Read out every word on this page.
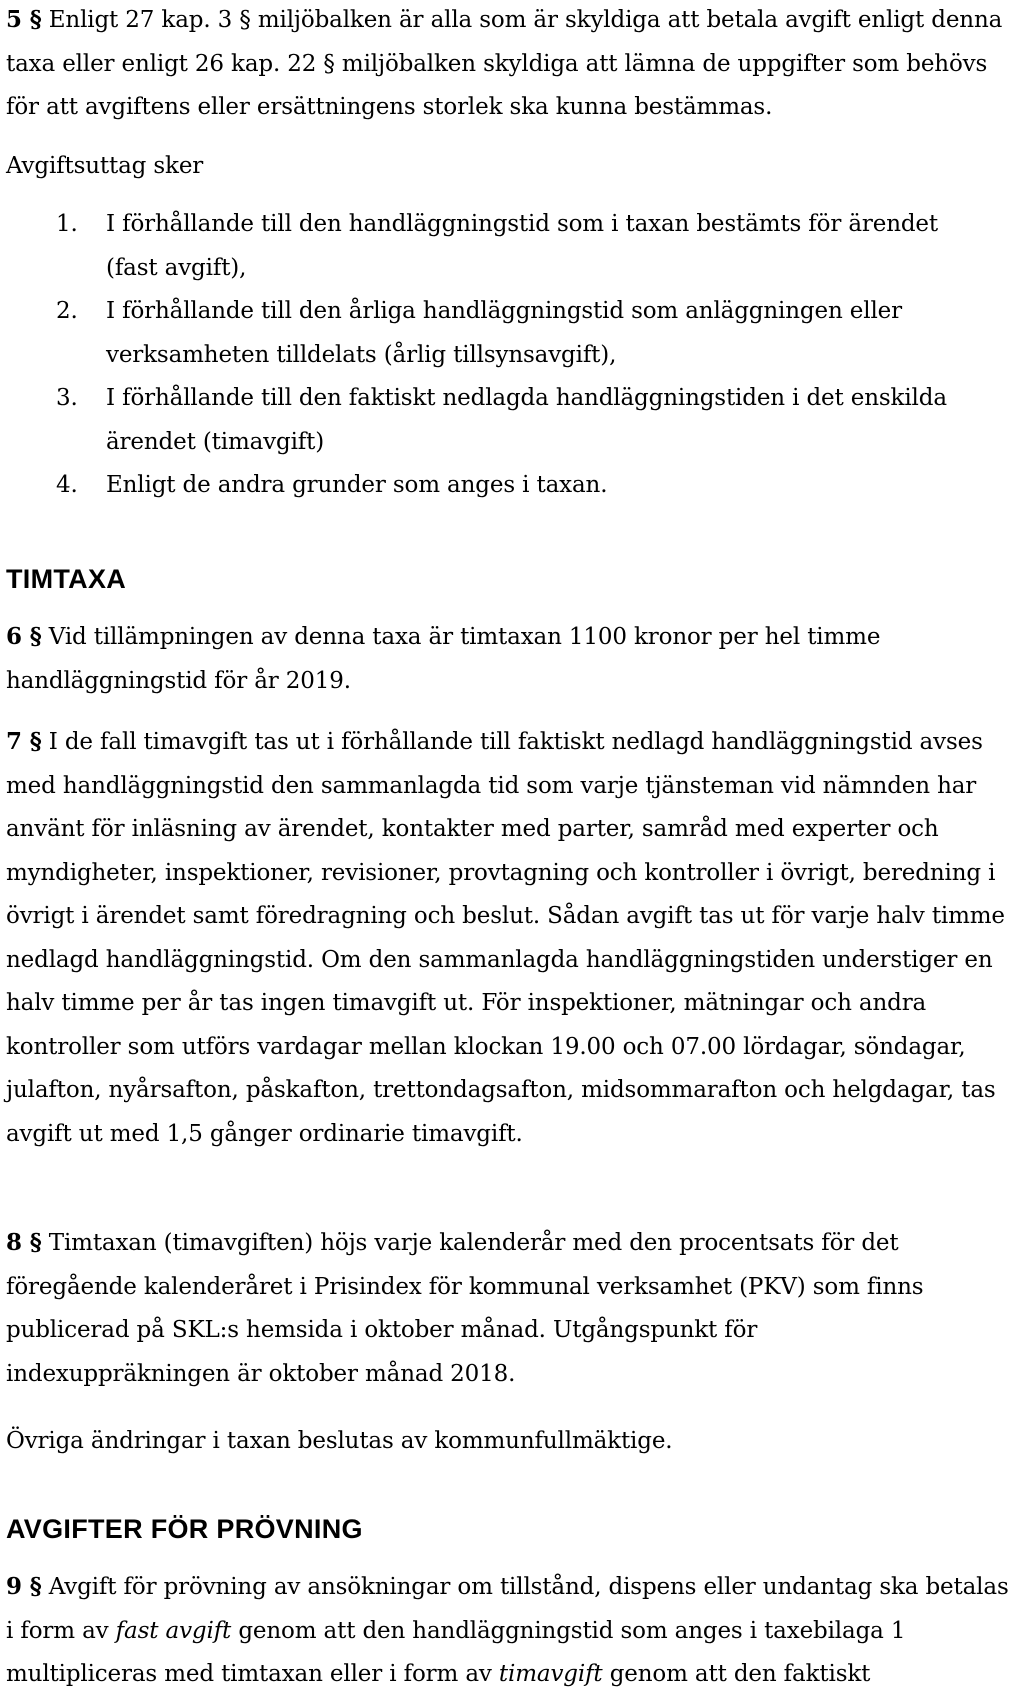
5 § Enligt 27 kap. 3 § miljöbalken är alla som är skyldiga att betala avgift enligt denna taxa eller enligt 26 kap. 22 § miljöbalken skyldiga att lämna de uppgifter som behövs för att avgiftens eller ersättningens storlek ska kunna bestämmas.

Avgiftsuttag sker

1. I förhållande till den handläggningstid som i taxan bestämts för ärendet (fast avgift),
2. I förhållande till den årliga handläggningstid som anläggningen eller verksamheten tilldelats (årlig tillsynsavgift),
3. I förhållande till den faktiskt nedlagda handläggningstiden i det enskilda ärendet (timavgift)
4. Enligt de andra grunder som anges i taxan.
TIMTAXA

6 § Vid tillämpningen av denna taxa är timtaxan 1100 kronor per hel timme handläggningstid för år 2019.

7 § I de fall timavgift tas ut i förhållande till faktiskt nedlagd handläggningstid avses med handläggningstid den sammanlagda tid som varje tjänsteman vid nämnden har använt för inläsning av ärendet, kontakter med parter, samråd med experter och myndigheter, inspektioner, revisioner, provtagning och kontroller i övrigt, beredning i övrigt i ärendet samt föredragning och beslut. Sådan avgift tas ut för varje halv timme nedlagd handläggningstid. Om den sammanlagda handläggningstiden understiger en halv timme per år tas ingen timavgift ut. För inspektioner, mätningar och andra kontroller som utförs vardagar mellan klockan 19.00 och 07.00 lördagar, söndagar, julafton, nyårsafton, påskafton, trettondagsafton, midsommarafton och helgdagar, tas avgift ut med 1,5 gånger ordinarie timavgift.

8 § Timtaxan (timavgiften) höjs varje kalenderår med den procentsats för det föregående kalenderåret i Prisindex för kommunal verksamhet (PKV) som finns publicerad på SKL:s hemsida i oktober månad. Utgångspunkt för indexuppräkningen är oktober månad 2018.

Övriga ändringar i taxan beslutas av kommunfullmäktige.

AVGIFTER FÖR PRÖVNING

9 § Avgift för prövning av ansökningar om tillstånd, dispens eller undantag ska betalas i form av fast avgift genom att den handläggningstid som anges i taxebilaga 1 multipliceras med timtaxan eller i form av timavgift genom att den faktiskt
